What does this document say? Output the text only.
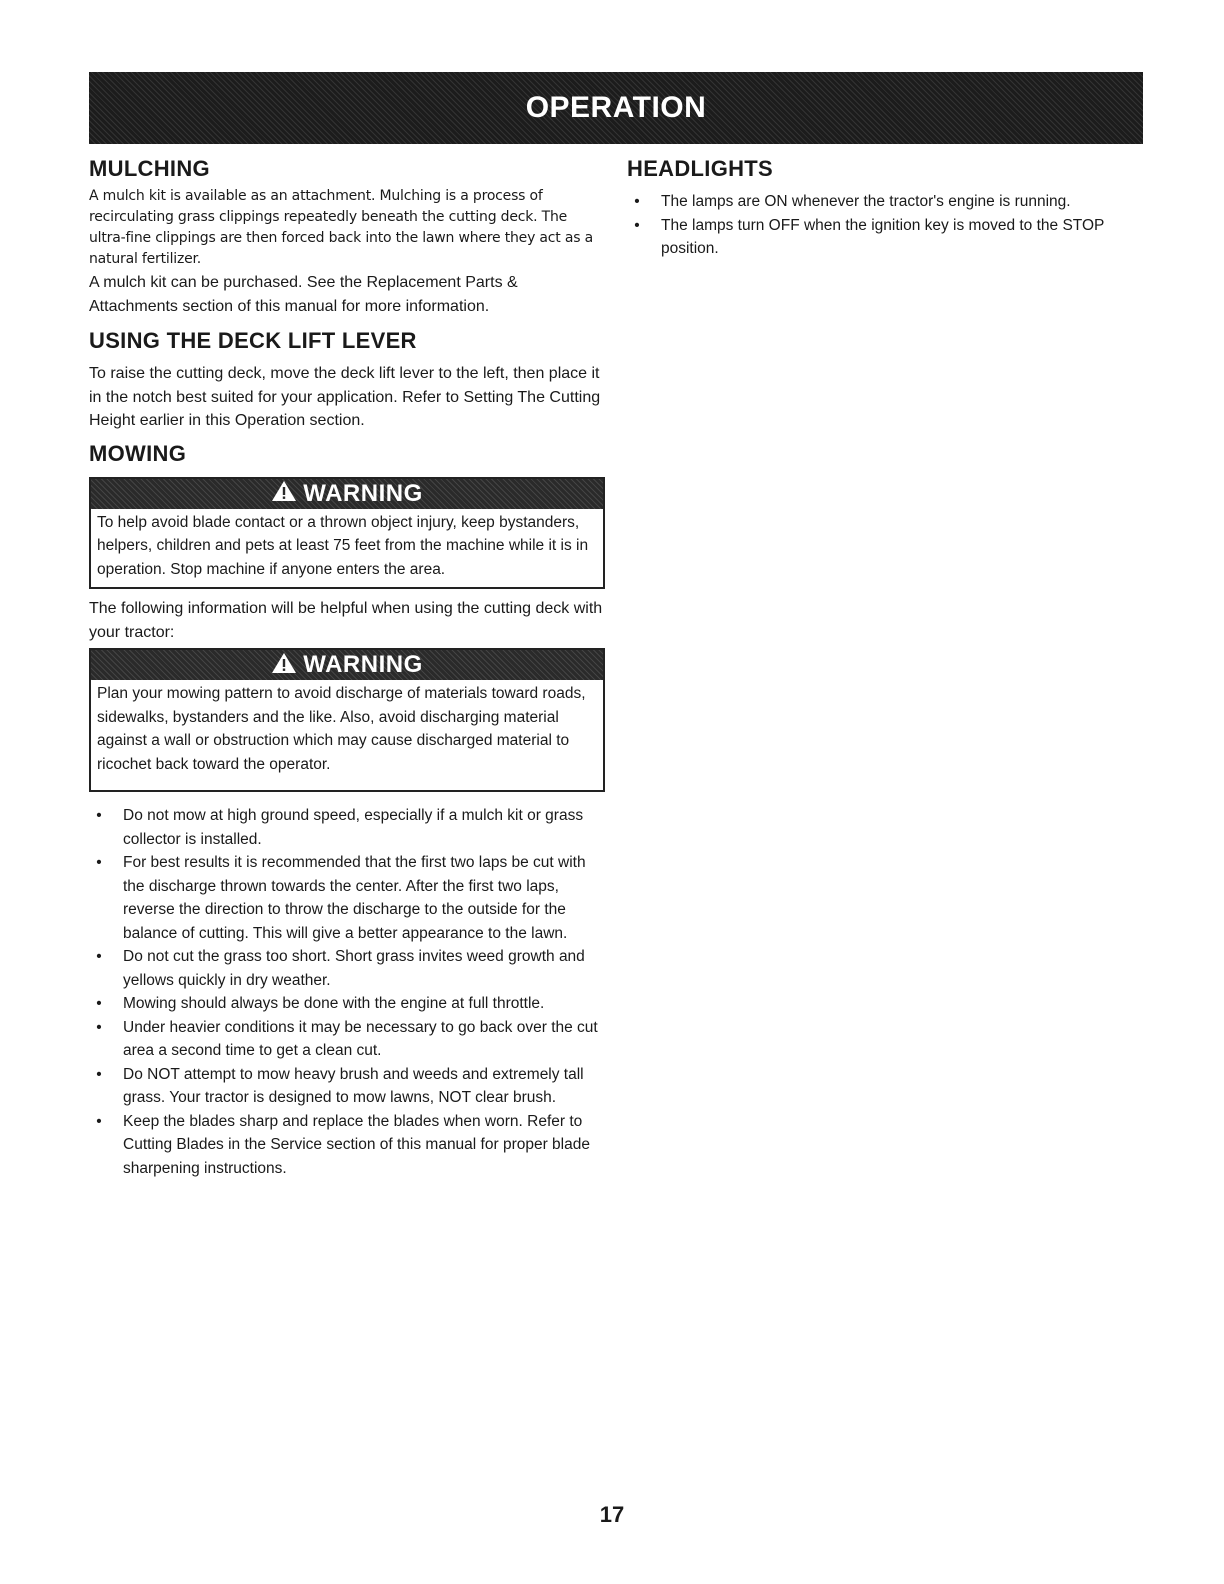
OPERATION
MULCHING

A mulch kit is available as an attachment. Mulching is a process of recirculating grass clippings repeatedly beneath the cutting deck. The ultra-fine clippings are then forced back into the lawn where they act as a natural fertilizer.

A mulch kit can be purchased. See the Replacement Parts & Attachments section of this manual for more information.

USING THE DECK LIFT LEVER

To raise the cutting deck, move the deck lift lever to the left, then place it in the notch best suited for your application. Refer to Setting The Cutting Height earlier in this Operation section.

MOWING
WARNING
To help avoid blade contact or a thrown object injury, keep bystanders, helpers, children and pets at least 75 feet from the machine while it is in operation. Stop machine if anyone enters the area.

The following information will be helpful when using the cutting deck with your tractor:

WARNING
Plan your mowing pattern to avoid discharge of materials toward roads, sidewalks, bystanders and the like. Also, avoid discharging material against a wall or obstruction which may cause discharged material to ricochet back toward the operator.
•	Do not mow at high ground speed, especially if a mulch kit or grass collector is installed.
•	For best results it is recommended that the first two laps be cut with the discharge thrown towards the center. After the first two laps, reverse the direction to throw the discharge to the outside for the balance of cutting. This will give a better appearance to the lawn.
•	Do not cut the grass too short. Short grass invites weed growth and yellows quickly in dry weather.
•	Mowing should always be done with the engine at full throttle.
•	Under heavier conditions it may be necessary to go back over the cut area a second time to get a clean cut.
•	Do NOT attempt to mow heavy brush and weeds and extremely tall grass. Your tractor is designed to mow lawns, NOT clear brush.
•	Keep the blades sharp and replace the blades when worn. Refer to Cutting Blades in the Service section of this manual for proper blade sharpening instructions.
HEADLIGHTS
•	The lamps are ON whenever the tractor's engine is running.
•	The lamps turn OFF when the ignition key is moved to the STOP position.
17
